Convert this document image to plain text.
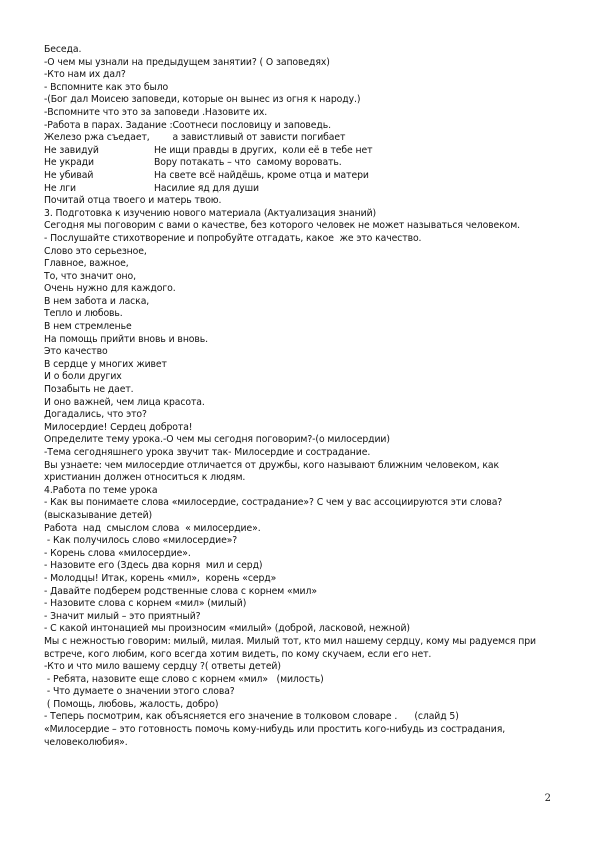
Беседа.
-О чем мы узнали на предыдущем занятии? ( О заповедях)
-Кто нам их дал?
- Вспомните как это было
-(Бог дал Моисею заповеди, которые он вынес из огня к народу.)
-Вспомните что это за заповеди .Назовите их.
-Работа в парах. Задание :Соотнеси пословицу и заповедь.
Железо ржа съедает,        а завистливый от зависти погибает
Не завидуй	Не ищи правды в других,  коли её в тебе нет
Не укради	Вору потакать – что  самому воровать.
Не убивай	На свете всё найдёшь, кроме отца и матери
Не лги	Насилие яд для души
Почитай отца твоего и матерь твою.
3. Подготовка к изучению нового материала (Актуализация знаний)
Сегодня мы поговорим с вами о качестве, без которого человек не может называться человеком.
- Послушайте стихотворение и попробуйте отгадать, какое  же это качество.
Слово это серьезное,
Главное, важное,
То, что значит оно,
Очень нужно для каждого.
В нем забота и ласка,
Тепло и любовь.
В нем стремленье
На помощь прийти вновь и вновь.
Это качество
В сердце у многих живет
И о боли других
Позабыть не дает.
И оно важней, чем лица красота.
Догадались, что это?
Милосердие! Сердец доброта!
Определите тему урока.-О чем мы сегодня поговорим?-(о милосердии)
-Тема сегодняшнего урока звучит так- Милосердие и сострадание.
Вы узнаете: чем милосердие отличается от дружбы, кого называют ближним человеком, как христианин должен относиться к людям.
4.Работа по теме урока
- Как вы понимаете слова «милосердие, сострадание»? С чем у вас ассоциируются эти слова? (высказывание детей)
Работа  над  смыслом слова  « милосердие».
- Как получилось слово «милосердие»?
- Корень слова «милосердие».
- Назовите его (Здесь два корня  мил и серд)
- Молодцы! Итак, корень «мил»,  корень «серд»
- Давайте подберем родственные слова с корнем «мил»
- Назовите слова с корнем «мил» (милый)
- Значит милый – это приятный?
- С какой интонацией мы произносим «милый» (доброй, ласковой, нежной)
Мы с нежностью говорим: милый, милая. Милый тот, кто мил нашему сердцу, кому мы радуемся при встрече, кого любим, кого всегда хотим видеть, по кому скучаем, если его нет.
-Кто и что мило вашему сердцу ?( ответы детей)
- Ребята, назовите еще слово с корнем «мил»   (милость)
- Что думаете о значении этого слова?
( Помощь, любовь, жалость, добро)
- Теперь посмотрим, как объясняется его значение в толковом словаре .      (слайд 5)
«Милосердие – это готовность помочь кому-нибудь или простить кого-нибудь из сострадания, человеколюбия».
2
